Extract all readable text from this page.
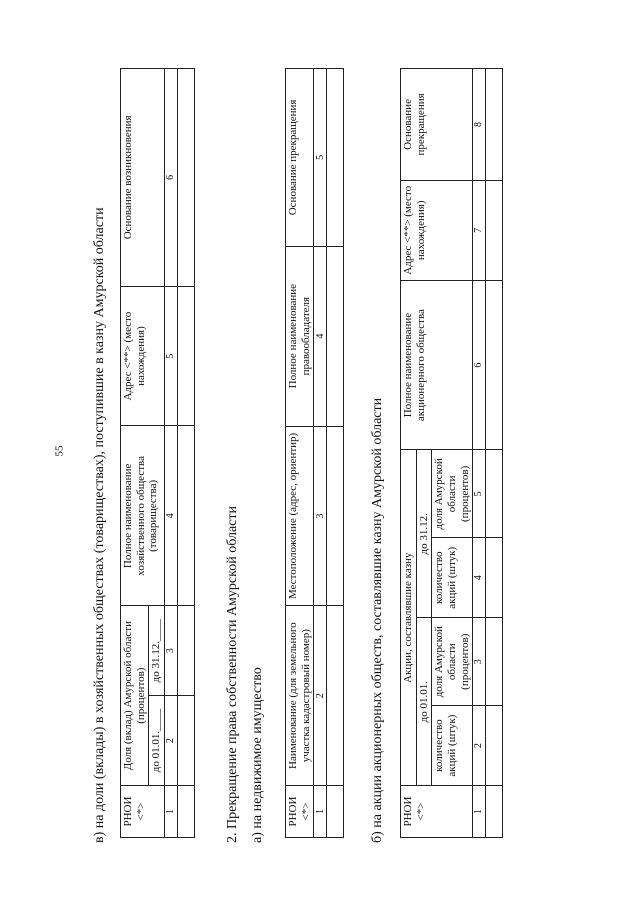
55 в) на доли (вклады) в хозяйственных обществах (товариществах), поступившие в казну Амурской области РНОИ <*>	Доля (вклад) Амурской области (процентов)		Полное наименование хозяйственного общества (товарищества)	Адрес <**> (место нахождения)	Основание возникновения
	до 01.01.____	до 31.12.____			
1	2	3	4	5	6

2. Прекращение права собственности Амурской области а) на недвижимое имущество РНОИ <*>	Наименование (для земельного участка кадастровый номер)	Местоположение (адрес, ориентир)	Полное наименование правообладателя	Основание прекращения
1	2	3	4	5

б) на акции акционерных обществ, составлявшие казну Амурской области РНОИ <*>	Акции, составлявшие казну				Полное наименование акционерного общества	Адрес <**> (место нахождения)	Основание прекращения
	до 01.01.		до 31.12.				
	количество акций (штук)	доля Амурской области (процентов)	количество акций (штук)	доля Амурской области (процентов)			
1	2	3	4	5	6	7	8
